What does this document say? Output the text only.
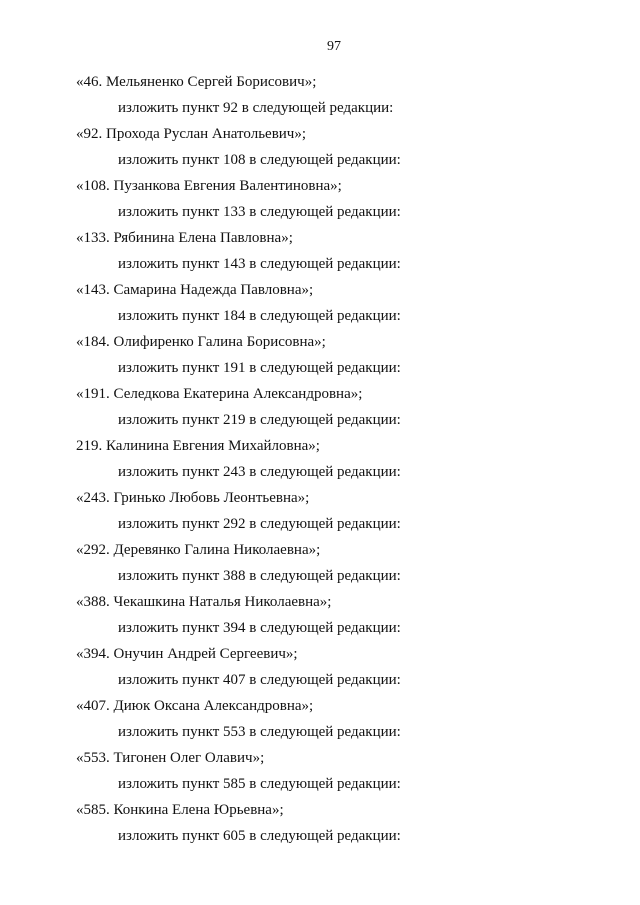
97
«46. Мельяненко Сергей Борисович»;
изложить пункт 92 в следующей редакции:
«92. Прохода Руслан Анатольевич»;
изложить пункт 108 в следующей редакции:
«108. Пузанкова Евгения Валентиновна»;
изложить пункт 133 в следующей редакции:
«133. Рябинина Елена Павловна»;
изложить пункт 143 в следующей редакции:
«143. Самарина Надежда Павловна»;
изложить пункт 184 в следующей редакции:
«184. Олифиренко Галина Борисовна»;
изложить пункт 191 в следующей редакции:
«191. Селедкова Екатерина Александровна»;
изложить пункт 219 в следующей редакции:
219. Калинина Евгения Михайловна»;
изложить пункт 243 в следующей редакции:
«243. Гринько Любовь Леонтьевна»;
изложить пункт 292 в следующей редакции:
«292. Деревянко Галина Николаевна»;
изложить пункт 388 в следующей редакции:
«388. Чекашкина Наталья Николаевна»;
изложить пункт 394 в следующей редакции:
«394. Онучин Андрей Сергеевич»;
изложить пункт 407 в следующей редакции:
«407. Диюк Оксана Александровна»;
изложить пункт 553 в следующей редакции:
«553. Тигонен Олег Олавич»;
изложить пункт 585 в следующей редакции:
«585. Конкина Елена Юрьевна»;
изложить пункт 605 в следующей редакции:
